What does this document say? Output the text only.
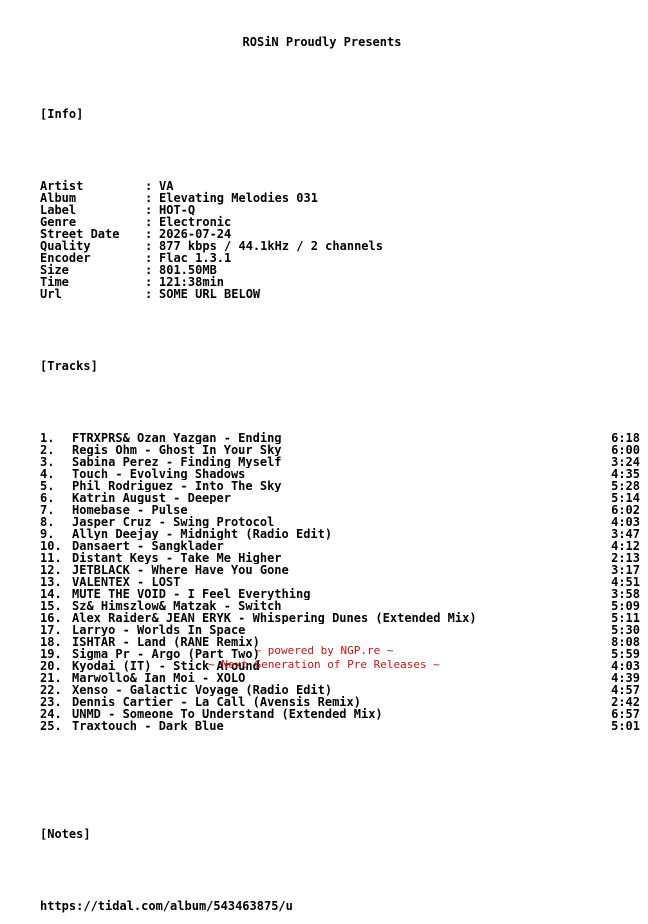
ROSiN Proudly Presents

[Info]

Artist	: VA
Album	: Elevating Melodies 031
Label	: HOT-Q
Genre	: Electronic
Street Date	: 2026-07-24
Quality	: 877 kbps / 44.1kHz / 2 channels
Encoder	: Flac 1.3.1
Size	: 801.50MB
Time	: 121:38min
Url	: SOME URL BELOW

[Tracks]

1.	FTRXPRS& Ozan Yazgan - Ending	6:18
2.	Regis Ohm - Ghost In Your Sky	6:00
3.	Sabina Perez - Finding Myself	3:24
4.	Touch - Evolving Shadows	4:35
5.	Phil Rodriguez - Into The Sky	5:28
6.	Katrin August - Deeper	5:14
7.	Homebase - Pulse	6:02
8.	Jasper Cruz - Swing Protocol	4:03
9.	Allyn Deejay - Midnight (Radio Edit)	3:47
10. Dansaert - Sangklader	4:12
11. Distant Keys - Take Me Higher	2:13
12. JETBLACK - Where Have You Gone	3:17
13. VALENTEX - LOST	4:51
14. MUTE THE VOID - I Feel Everything	3:58
15. Sz& Himszlow& Matzak - Switch	5:09
16. Alex Raider& JEAN ERYK - Whispering Dunes (Extended Mix)	5:11
17. Larryo - Worlds In Space	5:30
18. ISHTAR - Land (RANE Remix)	8:08
19. Sigma Pr - Argo (Part Two)	5:59
20. Kyodai (IT) - Stick Around	4:03
21. Marwollo& Ian Moi - XOLO	4:39
22. Xenso - Galactic Voyage (Radio Edit)	4:57
23. Dennis Cartier - La Call (Avensis Remix)	2:42
24. UNMD - Someone To Understand (Extended Mix)	6:57
25. Traxtouch - Dark Blue	5:01

[Notes]

https://tidal.com/album/543463875/u

~ powered by NGP.re ~
~ Next Generation of Pre Releases ~
